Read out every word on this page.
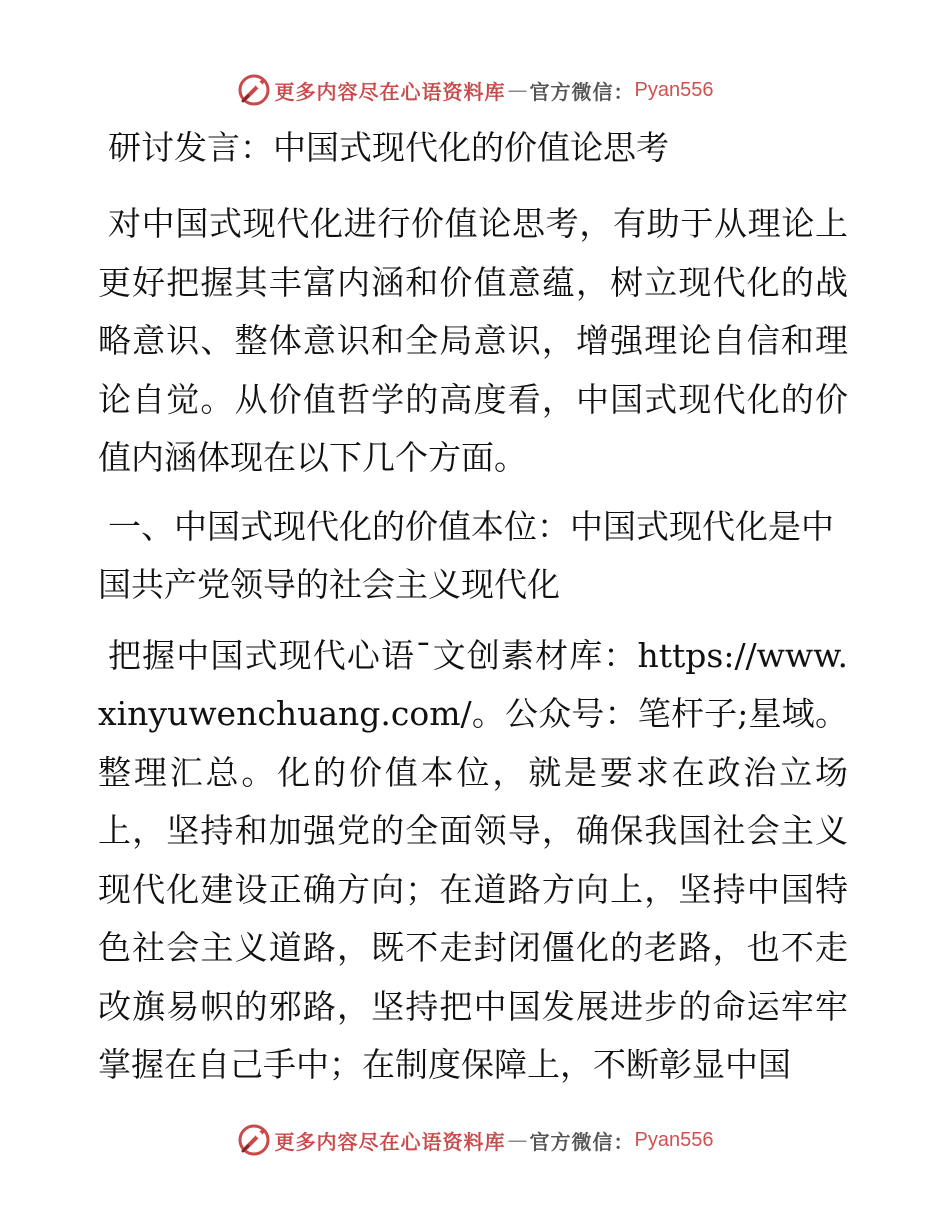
更多内容尽在心语资料库 — 官方微信： Pyan556
研讨发言：中国式现代化的价值论思考

对中国式现代化进行价值论思考，有助于从理论上更好把握其丰富内涵和价值意蕴，树立现代化的战略意识、整体意识和全局意识，增强理论自信和理论自觉。从价值哲学的高度看，中国式现代化的价值内涵体现在以下几个方面。

一、中国式现代化的价值本位：中国式现代化是中国共产党领导的社会主义现代化

把握中国式现代心语¯文创素材库：https://www.xinyuwenchuang.com/。公众号：笔杆子;星域。整理汇总。化的价值本位，就是要求在政治立场上，坚持和加强党的全面领导，确保我国社会主义现代化建设正确方向；在道路方向上，坚持中国特色社会主义道路，既不走封闭僵化的老路，也不走改旗易帜的邪路，坚持把中国发展进步的命运牢牢掌握在自己手中；在制度保障上，不断彰显中国

更多内容尽在心语资料库 — 官方微信： Pyan556
